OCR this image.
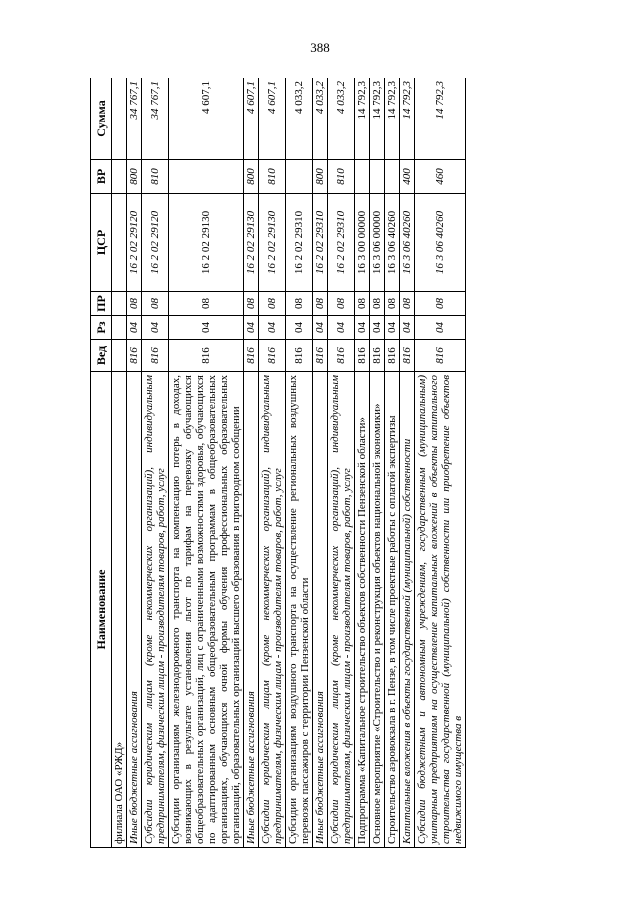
388
Наименование	Вед	Рз	ПР	ЦСР	ВР	Сумма
филиала ОАО «РЖД»						
Иные бюджетные ассигнования	816	04	08	16 2 02 29120	800	34 767,1
Субсидии юридическим лицам (кроме некоммерческих организаций), индивидуальным предпринимателям, физическим лицам - производителям товаров, работ, услуг	816	04	08	16 2 02 29120	810	34 767,1
Субсидии организациям железнодорожного транспорта на компенсацию потерь в доходах, возникающих в результате установления льгот по тарифам на перевозку обучающихся общеобразовательных организаций, лиц с ограниченными возможностями здоровья, обучающихся по адаптированным основным общеобразовательным программам в общеобразовательных организациях, обучающихся очной формы обучения профессиональных образовательных организаций, образовательных организаций высшего образования в пригородном сообщении	816	04	08	16 2 02 29130		4 607,1
Иные бюджетные ассигнования	816	04	08	16 2 02 29130	800	4 607,1
Субсидии юридическим лицам (кроме некоммерческих организаций), индивидуальным предпринимателям, физическим лицам - производителям товаров, работ, услуг	816	04	08	16 2 02 29130	810	4 607,1
Субсидии организациям воздушного транспорта на осуществление региональных воздушных перевозок пассажиров с территории Пензенской области	816	04	08	16 2 02 29310		4 033,2
Иные бюджетные ассигнования	816	04	08	16 2 02 29310	800	4 033,2
Субсидии юридическим лицам (кроме некоммерческих организаций), индивидуальным предпринимателям, физическим лицам - производителям товаров, работ, услуг	816	04	08	16 2 02 29310	810	4 033,2
Подпрограмма «Капитальное строительство объектов собственности Пензенской области»	816	04	08	16 3 00 00000		14 792,3
Основное мероприятие «Строительство и реконструкция объектов национальной экономики»	816	04	08	16 3 06 00000		14 792,3
Строительство аэровокзала в г. Пензе, в том числе проектные работы с оплатой экспертизы	816	04	08	16 3 06 40260		14 792,3
Капитальные вложения в объекты государственной (муниципальной) собственности	816	04	08	16 3 06 40260	400	14 792,3
Субсидии бюджетным и автономным учреждениям, государственным (муниципальным) унитарным предприятиям на осуществление капитальных вложений в объекты капитального строительства государственной (муниципальной) собственности или приобретение объектов недвижимого имущества в	816	04	08	16 3 06 40260	460	14 792,3
